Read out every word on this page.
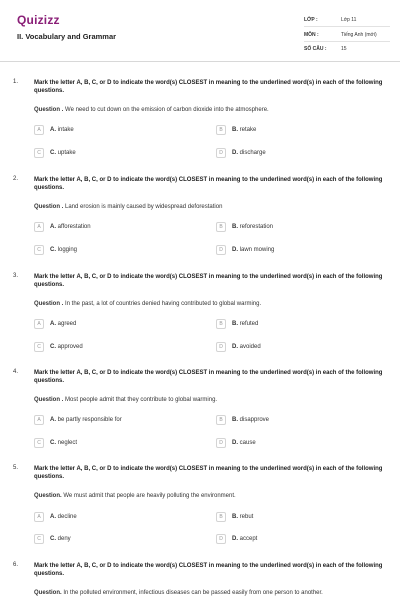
Quizizz
II. Vocabulary and Grammar
LỚP :	Lớp 11
MÔN :	Tiếng Anh (mới)
SỐ CÂU :	15
1.	Mark the letter A, B, C, or D to indicate the word(s) CLOSEST in meaning to the underlined word(s) in each of the following questions.
Question . We need to cut down on the emission of carbon dioxide into the atmosphere.
A	A. intake	B	B. retake
C	C. uptake	D	D. discharge
2.	Mark the letter A, B, C, or D to indicate the word(s) CLOSEST in meaning to the underlined word(s) in each of the following questions.
Question . Land erosion is mainly caused by widespread deforestation
A	A. afforestation	B	B. reforestation
C	C. logging	D	D. lawn mowing
3.	Mark the letter A, B, C, or D to indicate the word(s) CLOSEST in meaning to the underlined word(s) in each of the following questions.
Question . In the past, a lot of countries denied having contributed to global warming.
A	A. agreed	B	B. refuted
C	C. approved	D	D. avoided
4.	Mark the letter A, B, C, or D to indicate the word(s) CLOSEST in meaning to the underlined word(s) in each of the following questions.
Question . Most people admit that they contribute to global warming.
A	A. be partly responsible for	B	B. disapprove
C	C. neglect	D	D. cause
5.	Mark the letter A, B, C, or D to indicate the word(s) CLOSEST in meaning to the underlined word(s) in each of the following questions.
Question. We must admit that people are heavily polluting the environment.
A	A. decline	B	B. rebut
C	C. deny	D	D. accept
6.	Mark the letter A, B, C, or D to indicate the word(s) CLOSEST in meaning to the underlined word(s) in each of the following questions.
Question. In the polluted environment, infectious diseases can be passed easily from one person to another.
